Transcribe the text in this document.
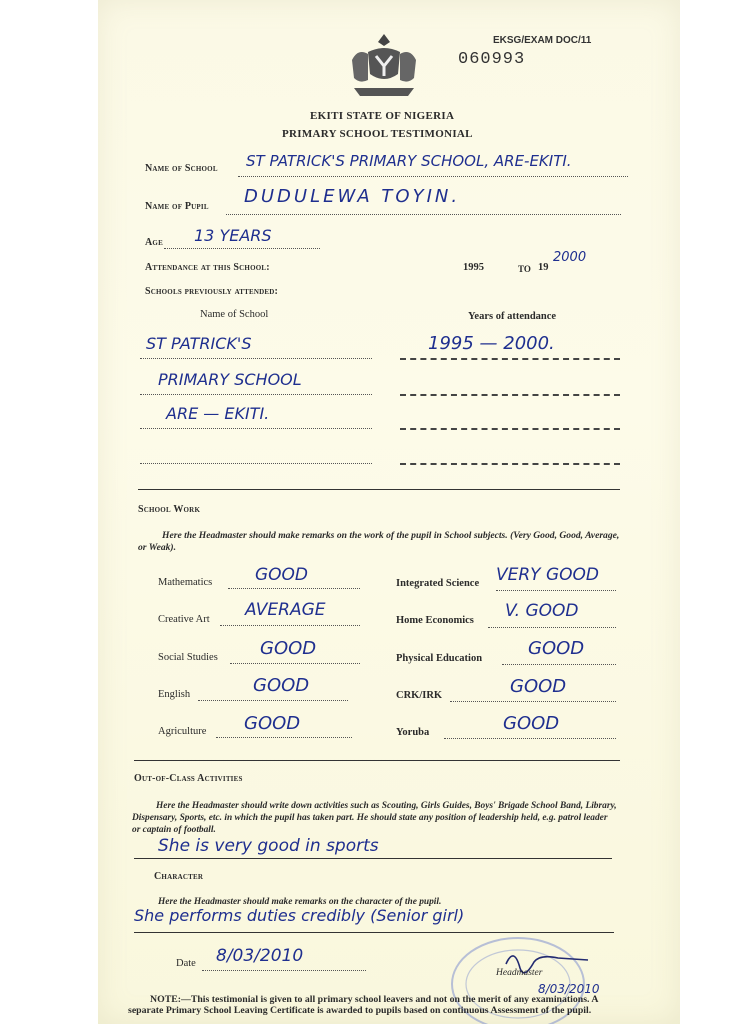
EKSG/EXAM DOC/11
060993
EKITI STATE OF NIGERIA
PRIMARY SCHOOL TESTIMONIAL
Name of School ST PATRICK'S PRIMARY SCHOOL, ARE-EKITI.
Name of Pupil DUDULEWA TOYIN.
Age 13 YEARS
Attendance at this School:	1995	TO 19
2000
Schools previously attended:
Name of School	Years of attendance
ST PATRICK'S	1995 — 2000.
PRIMARY SCHOOL
ARE — EKITI.
School Work
Here the Headmaster should make remarks on the work of the pupil in School subjects. (Very Good, Good, Average, or Weak).
Mathematics	GOOD
Creative Art AVERAGE
Social Studies GOOD
English	GOOD
Agriculture GOOD
Integrated Science VERY GOOD
Home Economics V. GOOD
Physical Education	GOOD
CRK/IRK	GOOD
Yoruba	GOOD
Out-of-Class Activities
Here the Headmaster should write down activities such as Scouting, Girls Guides, Boys' Brigade School Band, Library, Dispensary, Sports, etc. in which the pupil has taken part. He should state any position of leadership held, e.g. patrol leader or captain of football.
She is very good in sports
Character
Here the Headmaster should make remarks on the character of the pupil.
She performs duties credibly (Senior girl)
Date 8/03/2010
Headmaster
8/03/2010
NOTE:—This testimonial is given to all primary school leavers and not on the merit of any examinations. A separate Primary School Leaving Certificate is awarded to pupils based on continuous Assessment of the pupil.
